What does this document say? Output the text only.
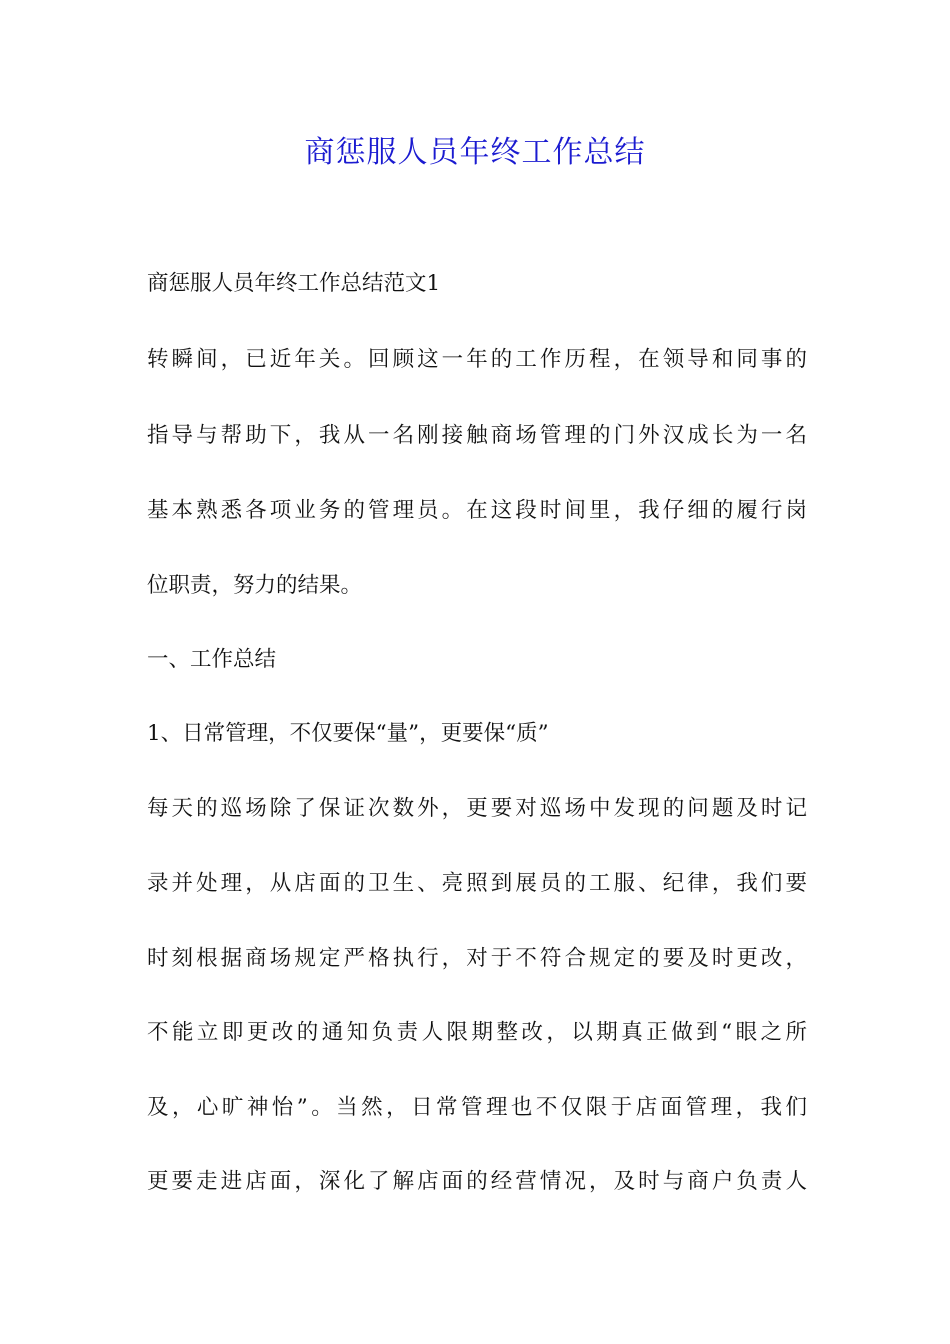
商惩服人员年终工作总结

商惩服人员年终工作总结范文1

转瞬间，已近年关。回顾这一年的工作历程，在领导和同事的

指导与帮助下，我从一名刚接触商场管理的门外汉成长为一名

基本熟悉各项业务的管理员。在这段时间里，我仔细的履行岗

位职责，努力的结果。

一、工作总结

1、日常管理，不仅要保“量”，更要保“质”

每天的巡场除了保证次数外，更要对巡场中发现的问题及时记

录并处理，从店面的卫生、亮照到展员的工服、纪律，我们要

时刻根据商场规定严格执行，对于不符合规定的要及时更改，

不能立即更改的通知负责人限期整改，以期真正做到“眼之所

及，心旷神怡”。当然，日常管理也不仅限于店面管理，我们

更要走进店面，深化了解店面的经营情况，及时与商户负责人
